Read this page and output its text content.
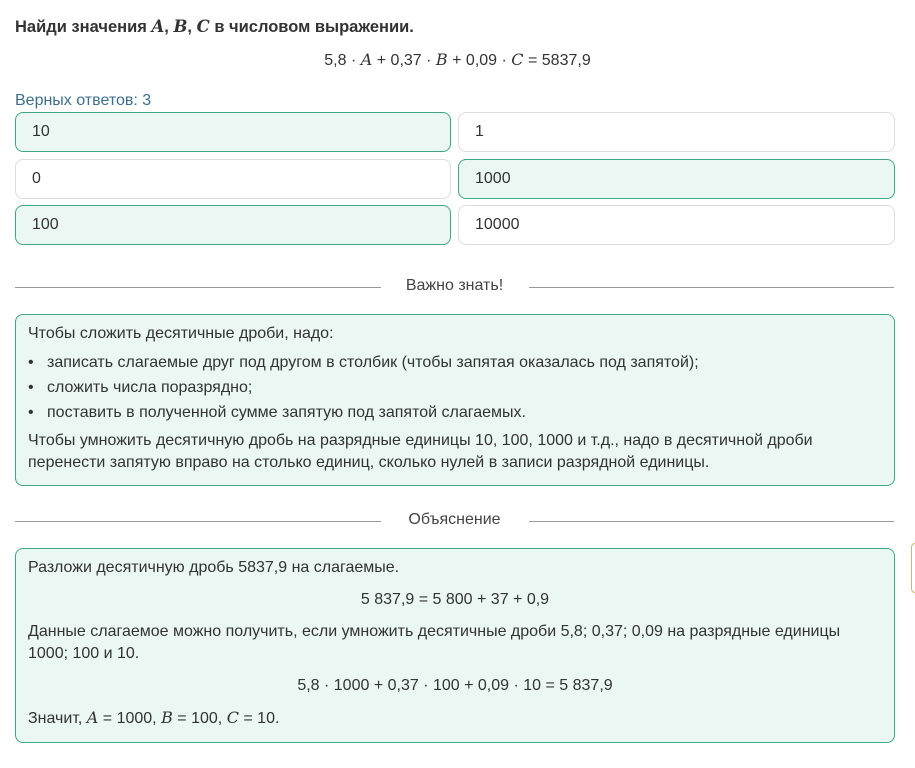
Найди значения A, B, C в числовом выражении.
5,8 · A + 0,37 · B + 0,09 · C = 5837,9
Верных ответов: 3
10	1
0	1000
100	10000
Важно знать!

Чтобы сложить десятичные дроби, надо:

• записать слагаемые друг под другом в столбик (чтобы запятая оказалась под запятой);
• сложить числа поразрядно;
• поставить в полученной сумме запятую под запятой слагаемых.

Чтобы умножить десятичную дробь на разрядные единицы 10, 100, 1000 и т.д., надо в десятичной дроби перенести запятую вправо на столько единиц, сколько нулей в записи разрядной единицы.

Объяснение

Разложи десятичную дробь 5837,9 на слагаемые.

5 837,9 = 5 800 + 37 + 0,9

Данные слагаемое можно получить, если умножить десятичные дроби 5,8; 0,37; 0,09 на разрядные единицы 1000; 100 и 10.

5,8 · 1000 + 0,37 · 100 + 0,09 · 10 = 5 837,9

Значит, A = 1000, B = 100, C = 10.
